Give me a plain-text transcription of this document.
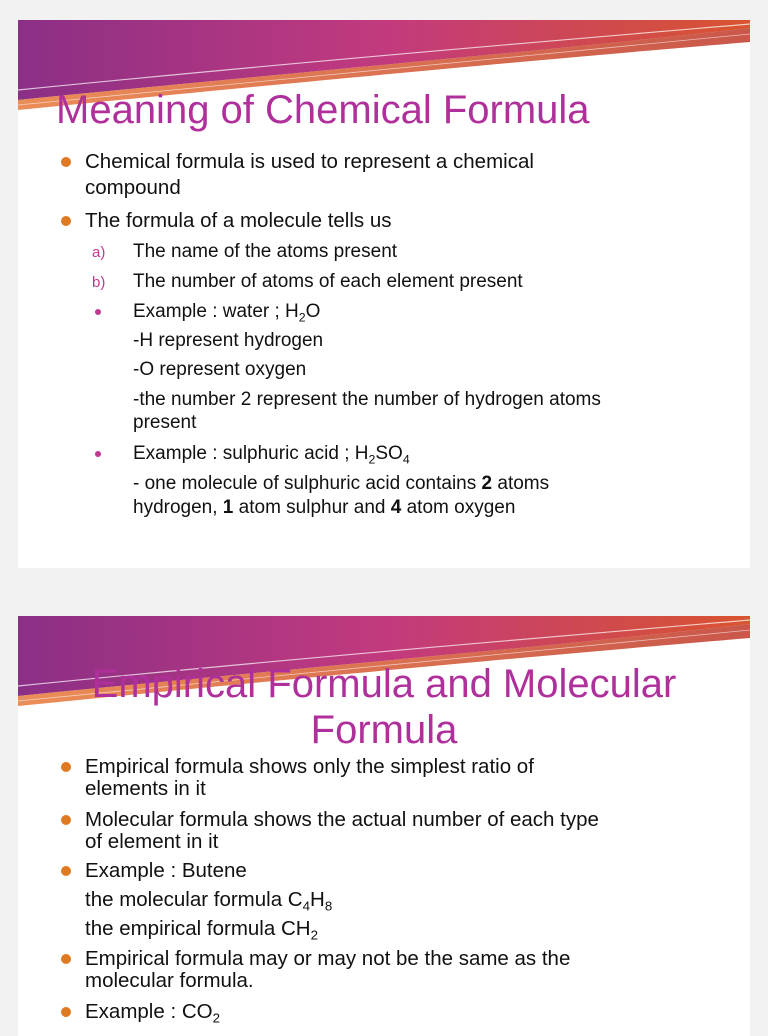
Meaning of Chemical Formula
Chemical formula is used to represent a chemical
compound
The formula of a molecule tells us
a) The name of the atoms present
b) The number of atoms of each element present
Example : water ; $H_2O$
-H represent hydrogen
-O represent oxygen
-the number 2 represent the number of hydrogen atoms
present
Example : sulphuric acid ; $H_2SO_4$
- one molecule of sulphuric acid contains 2 atoms
hydrogen, 1 atom sulphur and 4 atom oxygen
Empirical Formula and Molecular
Formula
Empirical formula shows only the simplest ratio of
elements in it
Molecular formula shows the actual number of each type
of element in it
Example : Butene
the molecular formula $C_4H_8$
the empirical formula $CH_2$
Empirical formula may or may not be the same as the
molecular formula.
Example : $CO_2$
